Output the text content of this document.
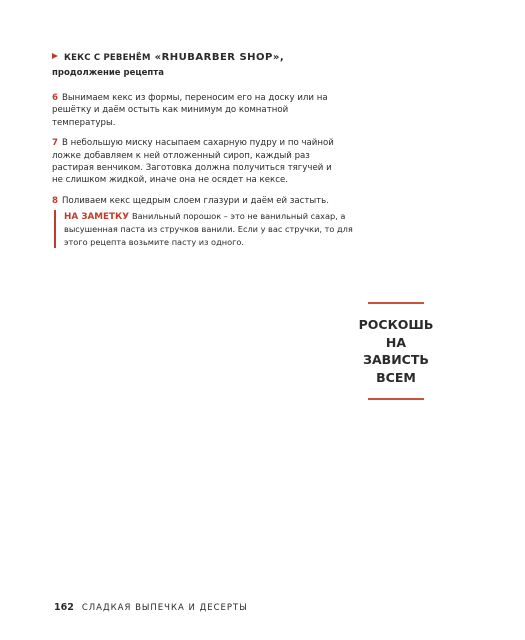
КЕКС С РЕВЕНЁМ «RHUBARBER SHOP»,
продолжение рецепта

6 Вынимаем кекс из формы, переносим его на доску или на решётку и даём остыть как минимум до комнатной температуры.

7 В небольшую миску насыпаем сахарную пудру и по чайной ложке добавляем к ней отложенный сироп, каждый раз растирая венчиком. Заготовка должна получиться тягучей и не слишком жидкой, иначе она не осядет на кексе.

8 Поливаем кекс щедрым слоем глазури и даём ей застыть.

НА ЗАМЕТКУ Ванильный порошок – это не ванильный сахар, а высушенная паста из стручков ванили. Если у вас стручки, то для этого рецепта возьмите пасту из одного.
РОСКОШЬ
НА ЗАВИСТЬ
ВСЕМ
162 СЛАДКАЯ ВЫПЕЧКА И ДЕСЕРТЫ
